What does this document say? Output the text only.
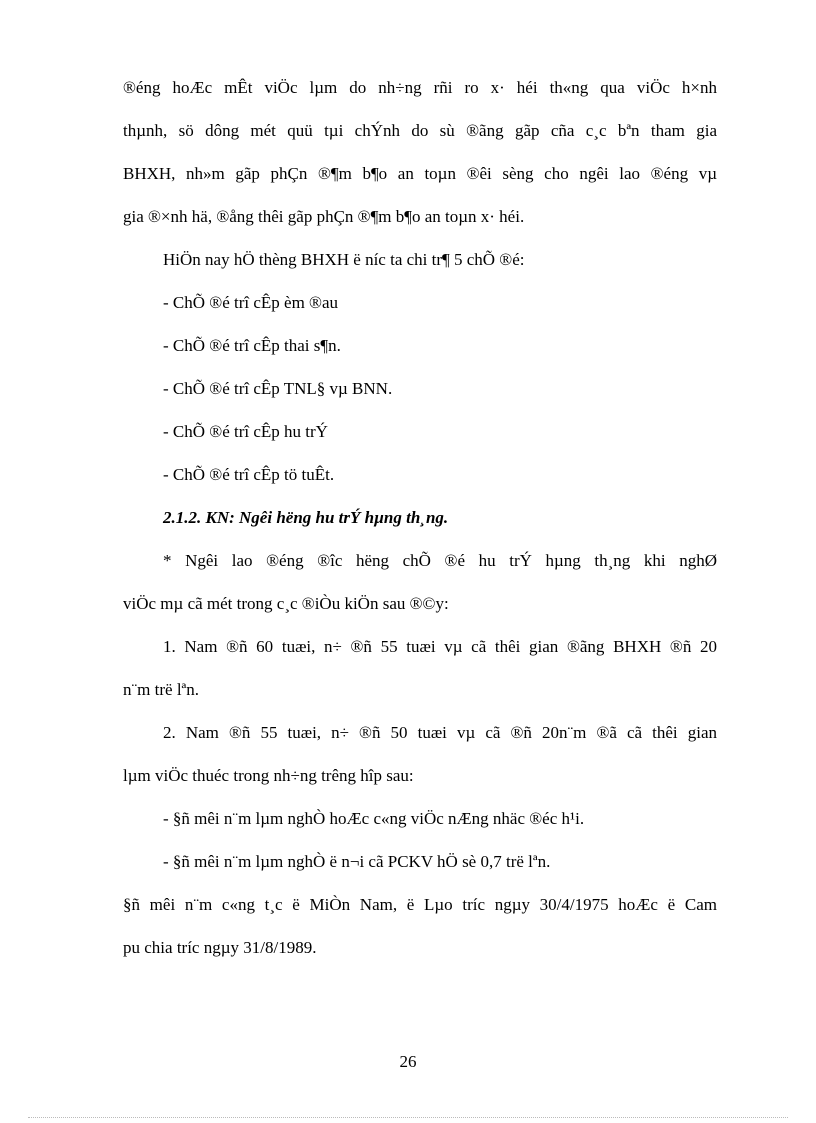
®éng hoÆc mÊt viÖc lµm do nh÷ng rñi ro x· héi th«ng qua viÖc h×nh
thµnh, sö dông mét quü tµi chÝnh do sù ®ãng gãp cña c¸c bªn tham gia
BHXH, nh»m gãp phÇn ®¶m b¶o an toµn ®êi sèng cho ngêi lao ®éng vµ
gia ®×nh hä, ®ång thêi gãp phÇn ®¶m b¶o an toµn x· héi.
HiÖn nay hÖ thèng BHXH ë níc ta chi tr¶ 5 chÕ ®é:
- ChÕ ®é trî cÊp èm ®au
- ChÕ ®é trî cÊp thai s¶n.
- ChÕ ®é trî cÊp TNL§ vµ BNN.
- ChÕ ®é trî cÊp hu trÝ
- ChÕ ®é trî cÊp tö tuÊt.
2.1.2. KN: Ngêi hëng hu trÝ hµng th¸ng.
* Ngêi lao ®éng ®îc hëng chÕ ®é hu trÝ hµng th¸ng khi nghØ
viÖc mµ cã mét trong c¸c ®iÒu kiÖn sau ®©y:
1. Nam ®ñ 60 tuæi, n÷ ®ñ 55 tuæi vµ cã thêi gian ®ãng BHXH ®ñ 20
n¨m trë lªn.
2. Nam ®ñ 55 tuæi, n÷ ®ñ 50 tuæi vµ cã ®ñ 20n¨m ®ã cã thêi gian
lµm viÖc thuéc trong nh÷ng trêng hîp sau:
- §ñ mêi n¨m lµm nghÒ hoÆc c«ng viÖc nÆng nhäc ®éc h¹i.
- §ñ mêi n¨m lµm nghÒ ë n¬i cã PCKV hÖ sè 0,7 trë lªn.
§ñ mêi n¨m c«ng t¸c ë MiÒn Nam, ë Lµo tríc ngµy 30/4/1975 hoÆc ë Cam
pu chia tríc ngµy 31/8/1989.
26
